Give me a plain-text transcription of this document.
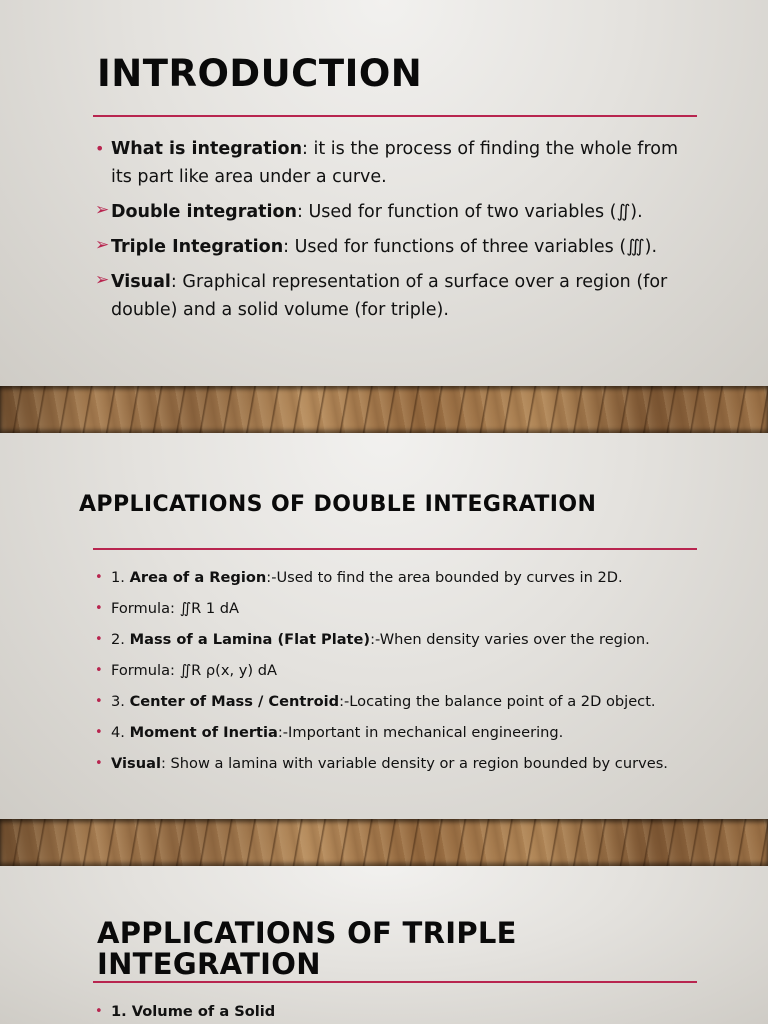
INTRODUCTION
• What is integration: it is the process of finding the whole from its part like area under a curve.
➢ Double integration: Used for function of two variables (∬).
➢ Triple Integration: Used for functions of three variables (∭).
➢ Visual: Graphical representation of a surface over a region (for double) and a solid volume (for triple).
APPLICATIONS OF DOUBLE INTEGRATION
• 1. Area of a Region:-Used to find the area bounded by curves in 2D.
• Formula: ∬R 1 dA
• 2. Mass of a Lamina (Flat Plate):-When density varies over the region.
• Formula: ∬R ρ(x, y) dA
• 3. Center of Mass / Centroid:-Locating the balance point of a 2D object.
• 4. Moment of Inertia:-Important in mechanical engineering.
• Visual: Show a lamina with variable density or a region bounded by curves.
APPLICATIONS OF TRIPLE INTEGRATION
• 1. Volume of a Solid
